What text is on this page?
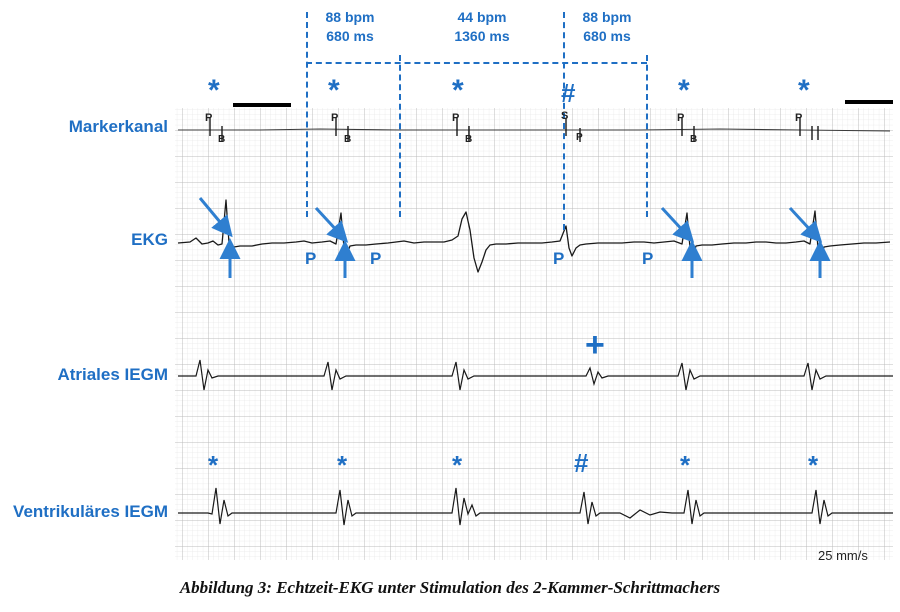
88 bpm
680 ms
44 bpm
1360 ms
88 bpm
680 ms
Markerkanal
EKG
Atriales IEGM
Ventrikuläres IEGM
*	*	*	#	*	*
P
B
P
B
P
B
S
P
P
B
P
P	P	P	P
+
*	*	*	#	*	*
25 mm/s
Abbildung 3: Echtzeit-EKG unter Stimulation des 2-Kammer-Schrittmachers
